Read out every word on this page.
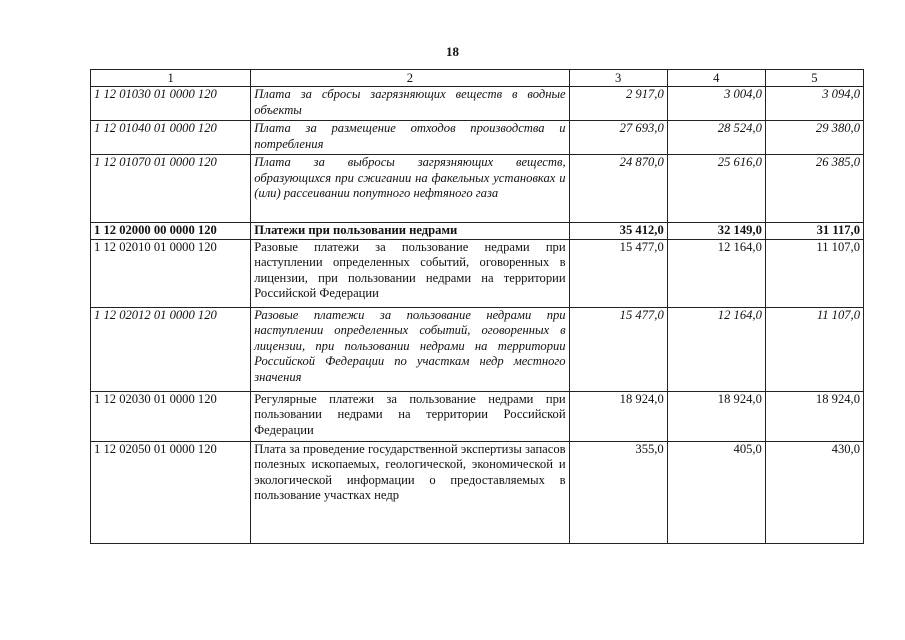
18
1	2	3	4	5
1 12 01030 01 0000 120	Плата за сбросы загрязняющих веществ в водные объекты	2 917,0	3 004,0	3 094,0
1 12 01040 01 0000 120	Плата за размещение отходов производства и потребления	27 693,0	28 524,0	29 380,0
1 12 01070 01 0000 120	Плата за выбросы загрязняющих веществ, образующихся при сжигании на факельных установках и (или) рассеивании попутного нефтяного газа	24 870,0	25 616,0	26 385,0
1 12 02000 00 0000 120	Платежи при пользовании недрами	35 412,0	32 149,0	31 117,0
1 12 02010 01 0000 120	Разовые платежи за пользование недрами при наступлении определенных событий, оговоренных в лицензии, при пользовании недрами на территории Российской Федерации	15 477,0	12 164,0	11 107,0
1 12 02012 01 0000 120	Разовые платежи за пользование недрами при наступлении определенных событий, оговоренных в лицензии, при пользовании недрами на территории Российской Федерации по участкам недр местного значения	15 477,0	12 164,0	11 107,0
1 12 02030 01 0000 120	Регулярные платежи за пользование недрами при пользовании недрами на территории Российской Федерации	18 924,0	18 924,0	18 924,0
1 12 02050 01 0000 120	Плата за проведение государственной экспертизы запасов полезных ископаемых, геологической, экономической и экологической информации о предоставляемых в пользование участках недр	355,0	405,0	430,0
